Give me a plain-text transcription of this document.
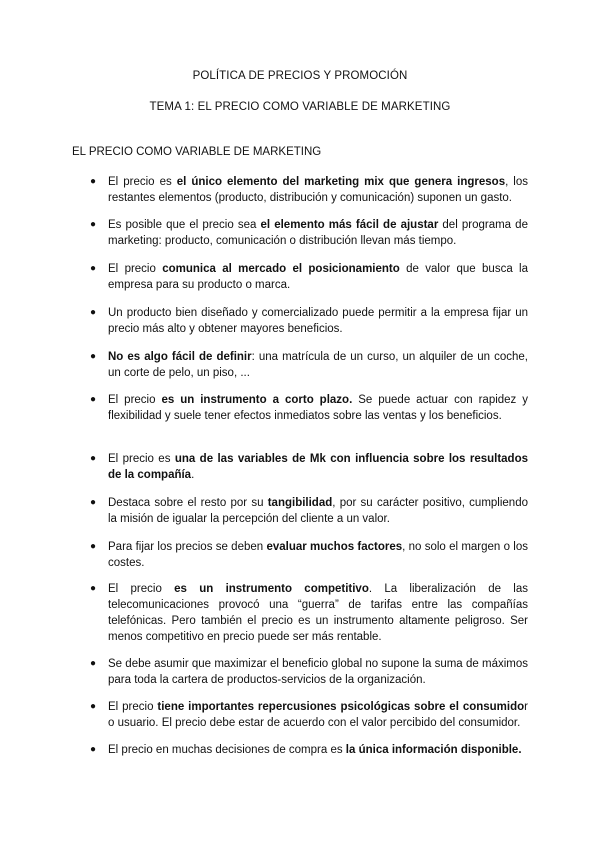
POLÍTICA DE PRECIOS Y PROMOCIÓN
TEMA 1: EL PRECIO COMO VARIABLE DE MARKETING
EL PRECIO COMO VARIABLE DE MARKETING
● El precio es el único elemento del marketing mix que genera ingresos, los restantes elementos (producto, distribución y comunicación) suponen un gasto.
● Es posible que el precio sea el elemento más fácil de ajustar del programa de marketing: producto, comunicación o distribución llevan más tiempo.
● El precio comunica al mercado el posicionamiento de valor que busca la empresa para su producto o marca.
● Un producto bien diseñado y comercializado puede permitir a la empresa fijar un precio más alto y obtener mayores beneficios.
● No es algo fácil de definir: una matrícula de un curso, un alquiler de un coche, un corte de pelo, un piso, ...
● El precio es un instrumento a corto plazo. Se puede actuar con rapidez y flexibilidad y suele tener efectos inmediatos sobre las ventas y los beneficios.
● El precio es una de las variables de Mk con influencia sobre los resultados de la compañía.
● Destaca sobre el resto por su tangibilidad, por su carácter positivo, cumpliendo la misión de igualar la percepción del cliente a un valor.
● Para fijar los precios se deben evaluar muchos factores, no solo el margen o los costes.
● El precio es un instrumento competitivo. La liberalización de las telecomunicaciones provocó una “guerra” de tarifas entre las compañías telefónicas. Pero también el precio es un instrumento altamente peligroso. Ser menos competitivo en precio puede ser más rentable.
● Se debe asumir que maximizar el beneficio global no supone la suma de máximos para toda la cartera de productos-servicios de la organización.
● El precio tiene importantes repercusiones psicológicas sobre el consumidor o usuario. El precio debe estar de acuerdo con el valor percibido del consumidor.
● El precio en muchas decisiones de compra es la única información disponible.
